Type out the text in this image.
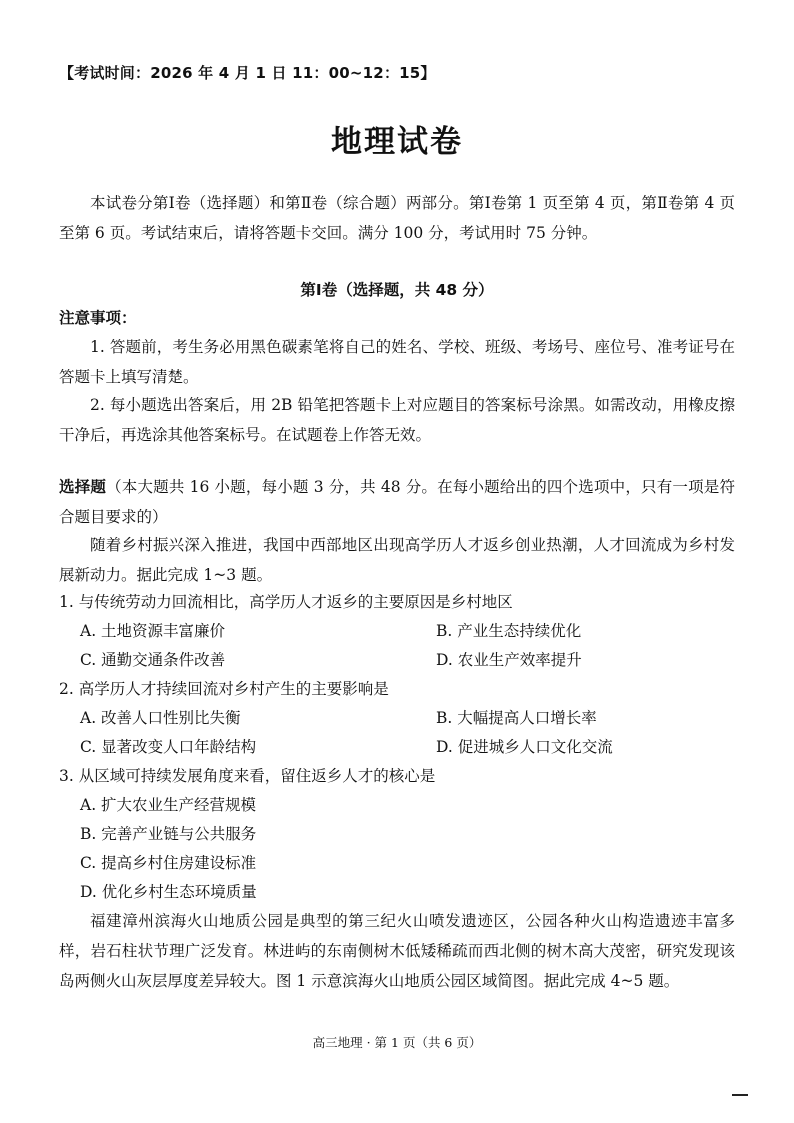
【考试时间：2026 年 4 月 1 日 11：00~12：15】
地理试卷
本试卷分第Ⅰ卷（选择题）和第Ⅱ卷（综合题）两部分。第Ⅰ卷第 1 页至第 4 页，第Ⅱ卷第 4 页至第 6 页。考试结束后，请将答题卡交回。满分 100 分，考试用时 75 分钟。
第Ⅰ卷（选择题，共 48 分）
注意事项：
1. 答题前，考生务必用黑色碳素笔将自己的姓名、学校、班级、考场号、座位号、准考证号在答题卡上填写清楚。
2. 每小题选出答案后，用 2B 铅笔把答题卡上对应题目的答案标号涂黑。如需改动，用橡皮擦干净后，再选涂其他答案标号。在试题卷上作答无效。
选择题（本大题共 16 小题，每小题 3 分，共 48 分。在每小题给出的四个选项中，只有一项是符合题目要求的）
随着乡村振兴深入推进，我国中西部地区出现高学历人才返乡创业热潮，人才回流成为乡村发展新动力。据此完成 1~3 题。
1. 与传统劳动力回流相比，高学历人才返乡的主要原因是乡村地区
A. 土地资源丰富廉价	B. 产业生态持续优化
C. 通勤交通条件改善	D. 农业生产效率提升
2. 高学历人才持续回流对乡村产生的主要影响是
A. 改善人口性别比失衡	B. 大幅提高人口增长率
C. 显著改变人口年龄结构	D. 促进城乡人口文化交流
3. 从区域可持续发展角度来看，留住返乡人才的核心是
A. 扩大农业生产经营规模
B. 完善产业链与公共服务
C. 提高乡村住房建设标准
D. 优化乡村生态环境质量
福建漳州滨海火山地质公园是典型的第三纪火山喷发遗迹区，公园各种火山构造遗迹丰富多样，岩石柱状节理广泛发育。林进屿的东南侧树木低矮稀疏而西北侧的树木高大茂密，研究发现该岛两侧火山灰层厚度差异较大。图 1 示意滨海火山地质公园区域简图。据此完成 4~5 题。
高三地理 · 第 1 页（共 6 页）
